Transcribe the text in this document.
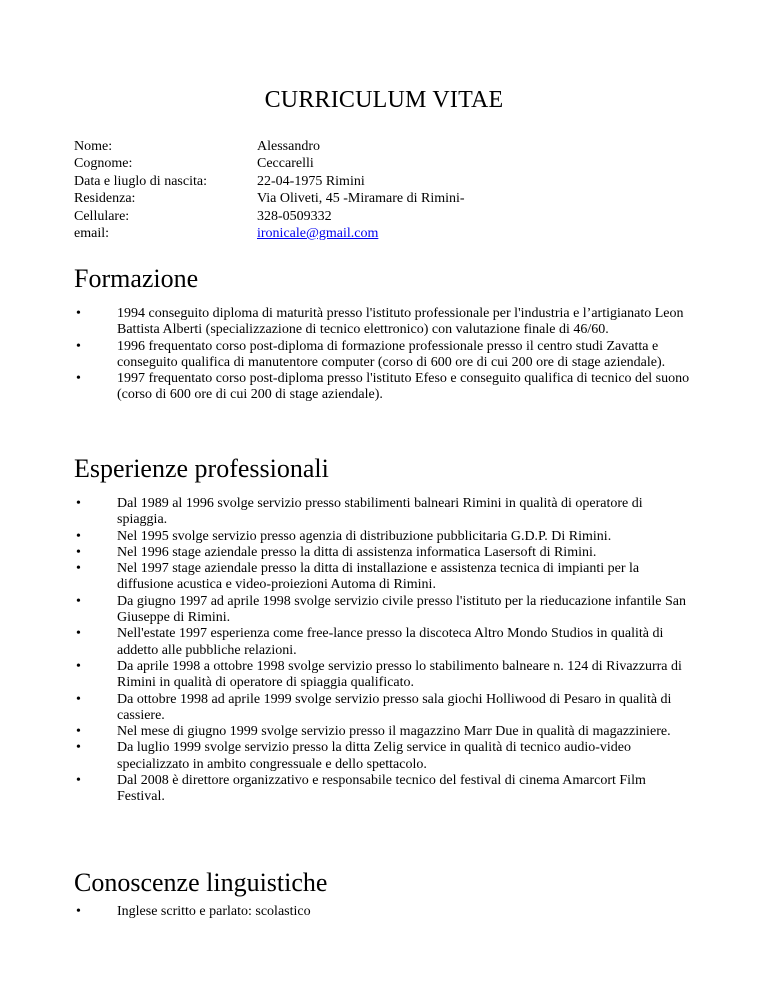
CURRICULUM VITAE
Nome:	Alessandro
Cognome:	Ceccarelli
Data e liuglo di nascita:	22-04-1975 Rimini
Residenza:	Via Oliveti, 45 -Miramare di Rimini-
Cellulare:	328-0509332
email:	ironicale@gmail.com
Formazione
•	1994 conseguito diploma di maturità presso l'istituto professionale per l'industria e l’artigianato Leon Battista Alberti (specializzazione di tecnico elettronico) con valutazione finale di 46/60.
•	1996 frequentato corso post-diploma di formazione professionale presso il centro studi Zavatta e conseguito qualifica di manutentore computer (corso di 600 ore di cui 200 ore di stage aziendale).
•	1997 frequentato corso post-diploma presso l'istituto Efeso e conseguito qualifica di tecnico del suono (corso di 600 ore di cui 200 di stage aziendale).
Esperienze professionali
•	Dal 1989 al 1996 svolge servizio presso stabilimenti balneari Rimini in qualità di operatore di spiaggia.
•	Nel 1995 svolge servizio presso agenzia di distribuzione pubblicitaria G.D.P. Di Rimini.
•	Nel 1996 stage aziendale presso la ditta di assistenza informatica Lasersoft di Rimini.
•	Nel 1997 stage aziendale presso la ditta di installazione e assistenza tecnica di impianti per la diffusione acustica e video-proiezioni Automa di Rimini.
•	Da giugno 1997 ad aprile 1998 svolge servizio civile presso l'istituto per la rieducazione infantile San Giuseppe di Rimini.
•	Nell'estate 1997 esperienza come free-lance presso la discoteca Altro Mondo Studios in qualità di addetto alle pubbliche relazioni.
•	Da aprile 1998 a ottobre 1998 svolge servizio presso lo stabilimento balneare n. 124 di Rivazzurra di Rimini in qualità di operatore di spiaggia qualificato.
•	Da ottobre 1998 ad aprile 1999 svolge servizio presso sala giochi Holliwood di Pesaro in qualità di cassiere.
•	Nel mese di giugno 1999 svolge servizio presso il magazzino Marr Due in qualità di magazziniere.
•	Da luglio 1999 svolge servizio presso la ditta Zelig service in qualità di tecnico audio-video specializzato in ambito congressuale e dello spettacolo.
•	Dal 2008 è direttore organizzativo e responsabile tecnico del festival di cinema Amarcort Film Festival.
Conoscenze linguistiche
•	Inglese scritto e parlato: scolastico
